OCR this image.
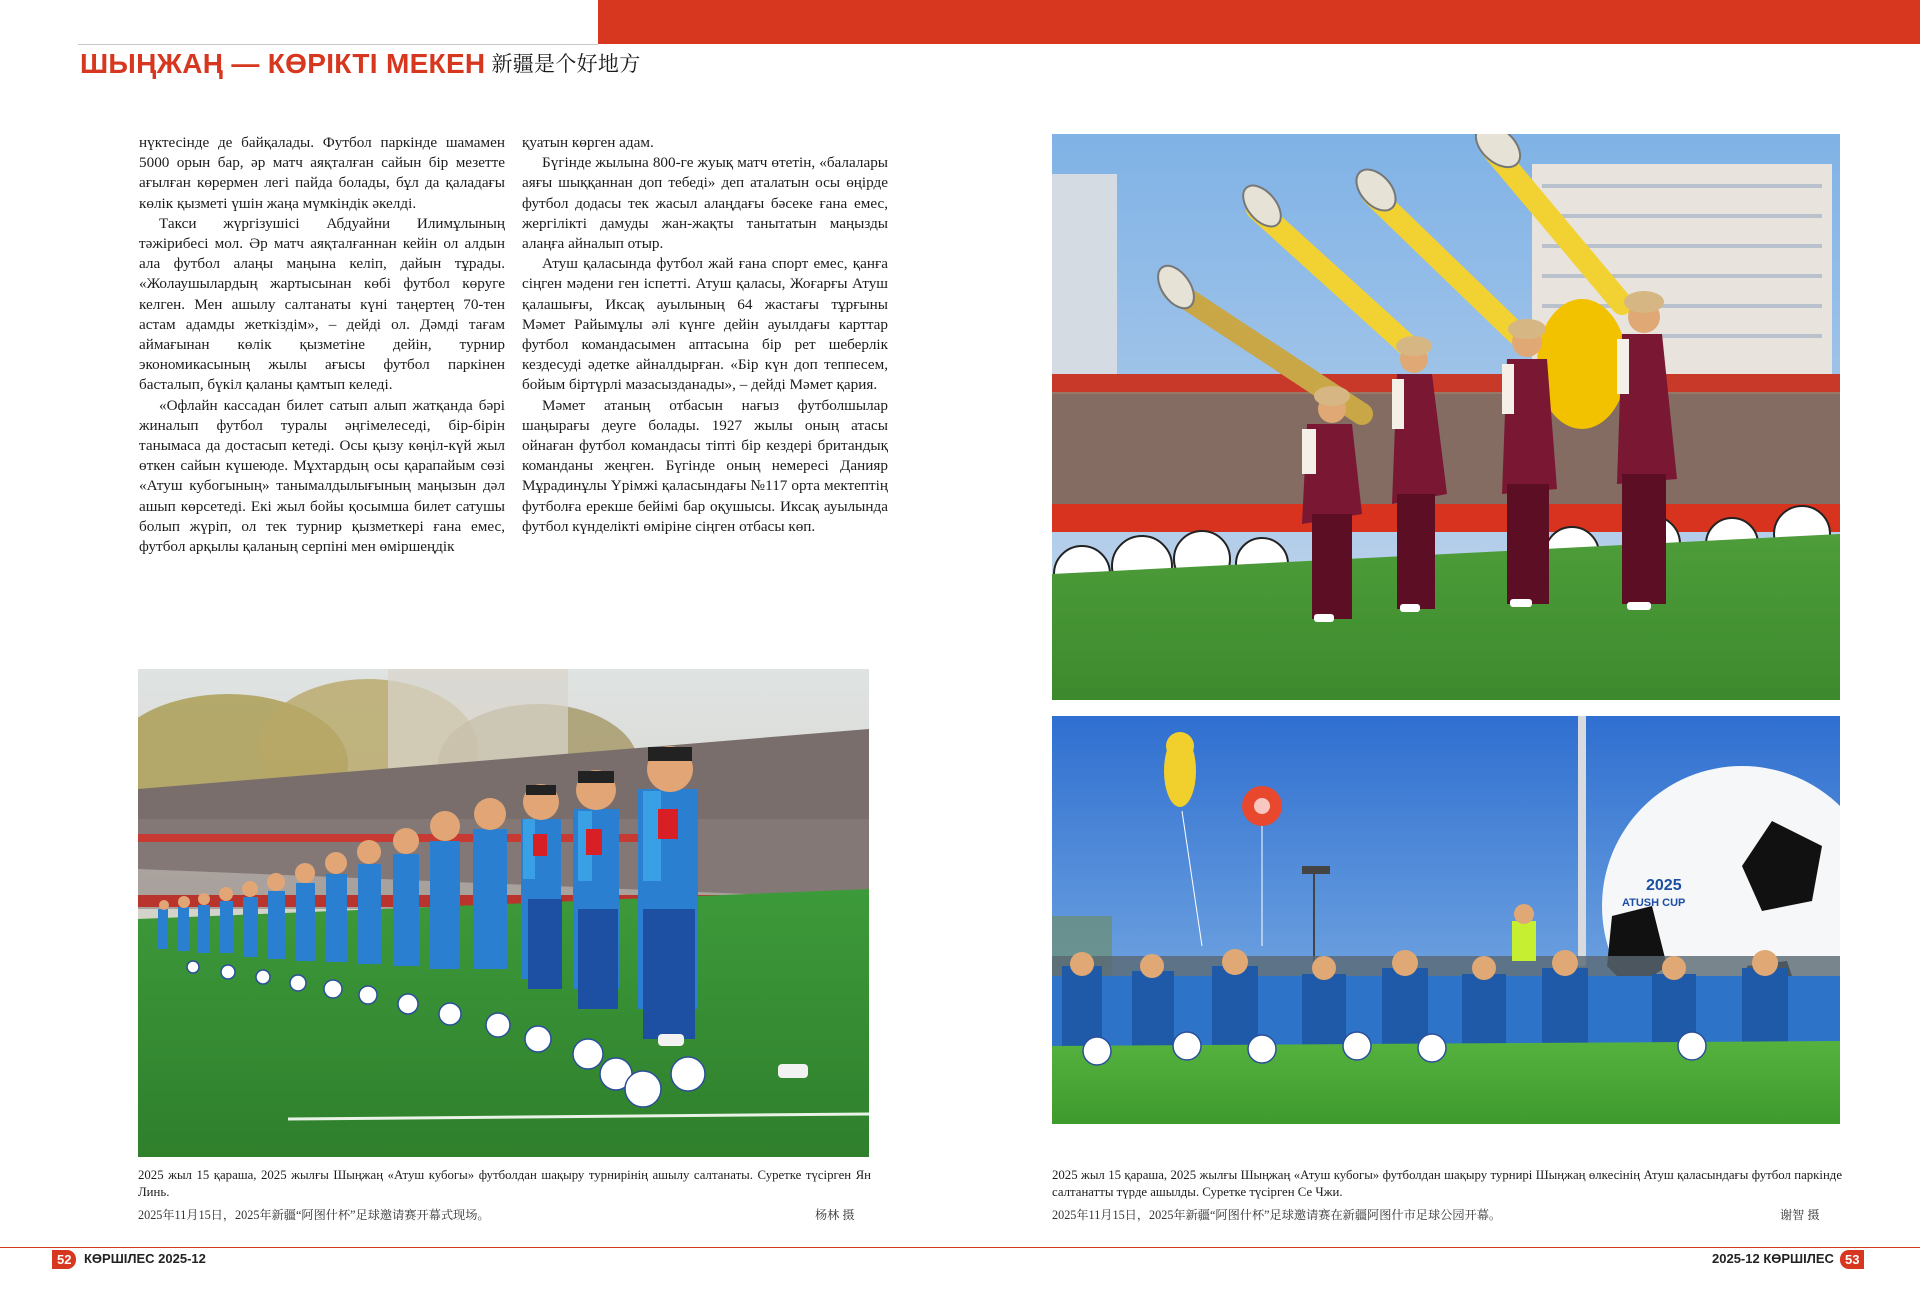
ШЫҢЖАҢ — КӨРІКТІ МЕКЕН 新疆是个好地方

нүктесінде де байқалады. Футбол паркінде шамамен 5000 орын бар, әр матч аяқталған сайын бір мезетте ағылған көрермен легі пайда болады, бұл да қаладағы көлік қызметі үшін жаңа мүмкіндік әкелді.

Такси жүргізушісі Абдуайни Илимұлының тәжірибесі мол. Әр матч аяқталғаннан кейін ол алдын ала футбол алаңы маңына келіп, дайын тұрады. «Жолаушылардың жартысынан көбі футбол көруге келген. Мен ашылу салтанаты күні таңертең 70-тен астам адамды жеткіздім», – дейді ол. Дәмді тағам аймағынан көлік қызметіне дейін, турнир экономикасының жылы ағысы футбол паркінен басталып, бүкіл қаланы қамтып келеді.

«Офлайн кассадан билет сатып алып жатқанда бәрі жиналып футбол туралы әңгімелеседі, бір-бірін танымаса да достасып кетеді. Осы қызу көңіл-күй жыл өткен сайын күшеюде. Мұхтардың осы қарапайым сөзі «Атуш кубогының» танымалдылығының маңызын дәл ашып көрсетеді. Екі жыл бойы қосымша билет сатушы болып жүріп, ол тек турнир қызметкері ғана емес, футбол арқылы қаланың серпіні мен өміршеңдік

қуатын көрген адам.

Бүгінде жылына 800-ге жуық матч өтетін, «балалары аяғы шыққаннан доп тебеді» деп аталатын осы өңірде футбол додасы тек жасыл алаңдағы бәсеке ғана емес, жергілікті дамуды жан-жақты танытатын маңызды алаңға айналып отыр.

Атуш қаласында футбол жай ғана спорт емес, қанға сіңген мәдени ген іспетті. Атуш қаласы, Жоғарғы Атуш қалашығы, Иксақ ауылының 64 жастағы тұрғыны Мәмет Райымұлы әлі күнге дейін ауылдағы карттар футбол командасымен аптасына бір рет шеберлік кездесуді әдетке айналдырған. «Бір күн доп теппесем, бойым біртүрлі мазасызданады», – дейді Мәмет қария.

Мәмет атаның отбасын нағыз футболшылар шаңырағы деуге болады. 1927 жылы оның атасы ойнаған футбол командасы тіпті бір кездері британдық команданы жеңген. Бүгінде оның немересі Данияр Мұрадинұлы Үрімжі қаласындағы №117 орта мектептің футболға ерекше бейімі бар оқушысы. Иксақ ауылында футбол күнделікті өміріне сіңген отбасы көп.

2025
ATUSH CUP
2025 жыл 15 қараша, 2025 жылғы Шыңжаң «Атуш кубогы» футболдан шақыру турнирінің ашылу салтанаты. Суретке түсірген Ян Линь.
2025年11月15日，2025年新疆“阿图什杯”足球邀请赛开幕式现场。	杨林 摄
2025 жыл 15 қараша, 2025 жылғы Шыңжаң «Атуш кубогы» футболдан шақыру турнирі Шыңжаң өлкесінің Атуш қаласындағы футбол паркінде салтанатты түрде ашылды. Суретке түсірген Се Чжи.
2025年11月15日，2025年新疆“阿图什杯”足球邀请赛在新疆阿图什市足球公园开幕。	谢智 摄
52 КӨРШІЛЕС 2025-12	2025-12 КӨРШІЛЕС 53
